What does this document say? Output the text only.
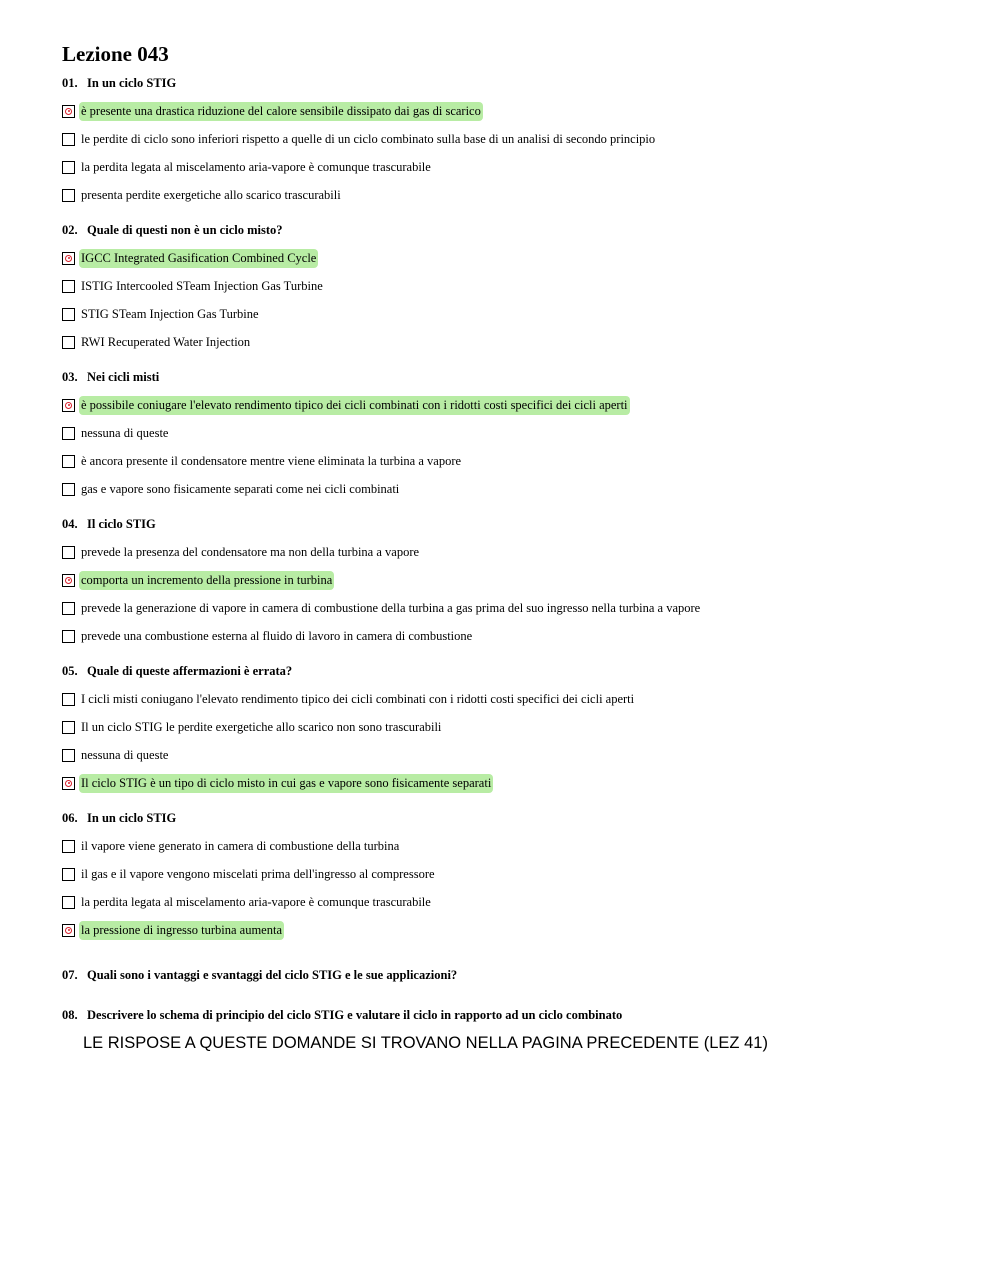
Lezione 043
01. In un ciclo STIG
è presente una drastica riduzione del calore sensibile dissipato dai gas di scarico
le perdite di ciclo sono inferiori rispetto a quelle di un ciclo combinato sulla base di un analisi di secondo principio
la perdita legata al miscelamento aria-vapore è comunque trascurabile
presenta perdite exergetiche allo scarico trascurabili
02. Quale di questi non è un ciclo misto?
IGCC Integrated Gasification Combined Cycle
ISTIG Intercooled STeam Injection Gas Turbine
STIG STeam Injection Gas Turbine
RWI Recuperated Water Injection
03. Nei cicli misti
è possibile coniugare l'elevato rendimento tipico dei cicli combinati con i ridotti costi specifici dei cicli aperti
nessuna di queste
è ancora presente il condensatore mentre viene eliminata la turbina a vapore
gas e vapore sono fisicamente separati come nei cicli combinati
04. Il ciclo STIG
prevede la presenza del condensatore ma non della turbina a vapore
comporta un incremento della pressione in turbina
prevede la generazione di vapore in camera di combustione della turbina a gas prima del suo ingresso nella turbina a vapore
prevede una combustione esterna al fluido di lavoro in camera di combustione
05. Quale di queste affermazioni è errata?
I cicli misti coniugano l'elevato rendimento tipico dei cicli combinati con i ridotti costi specifici dei cicli aperti
Il un ciclo STIG le perdite exergetiche allo scarico non sono trascurabili
nessuna di queste
Il ciclo STIG è un tipo di ciclo misto in cui gas e vapore sono fisicamente separati
06. In un ciclo STIG
il vapore viene generato in camera di combustione della turbina
il gas e il vapore vengono miscelati prima dell'ingresso al compressore
la perdita legata al miscelamento aria-vapore è comunque trascurabile
la pressione di ingresso turbina aumenta
07. Quali sono i vantaggi e svantaggi del ciclo STIG e le sue applicazioni?
08. Descrivere lo schema di principio del ciclo STIG e valutare il ciclo in rapporto ad un ciclo combinato
LE RISPOSE A QUESTE DOMANDE SI TROVANO NELLA PAGINA PRECEDENTE (LEZ 41)
